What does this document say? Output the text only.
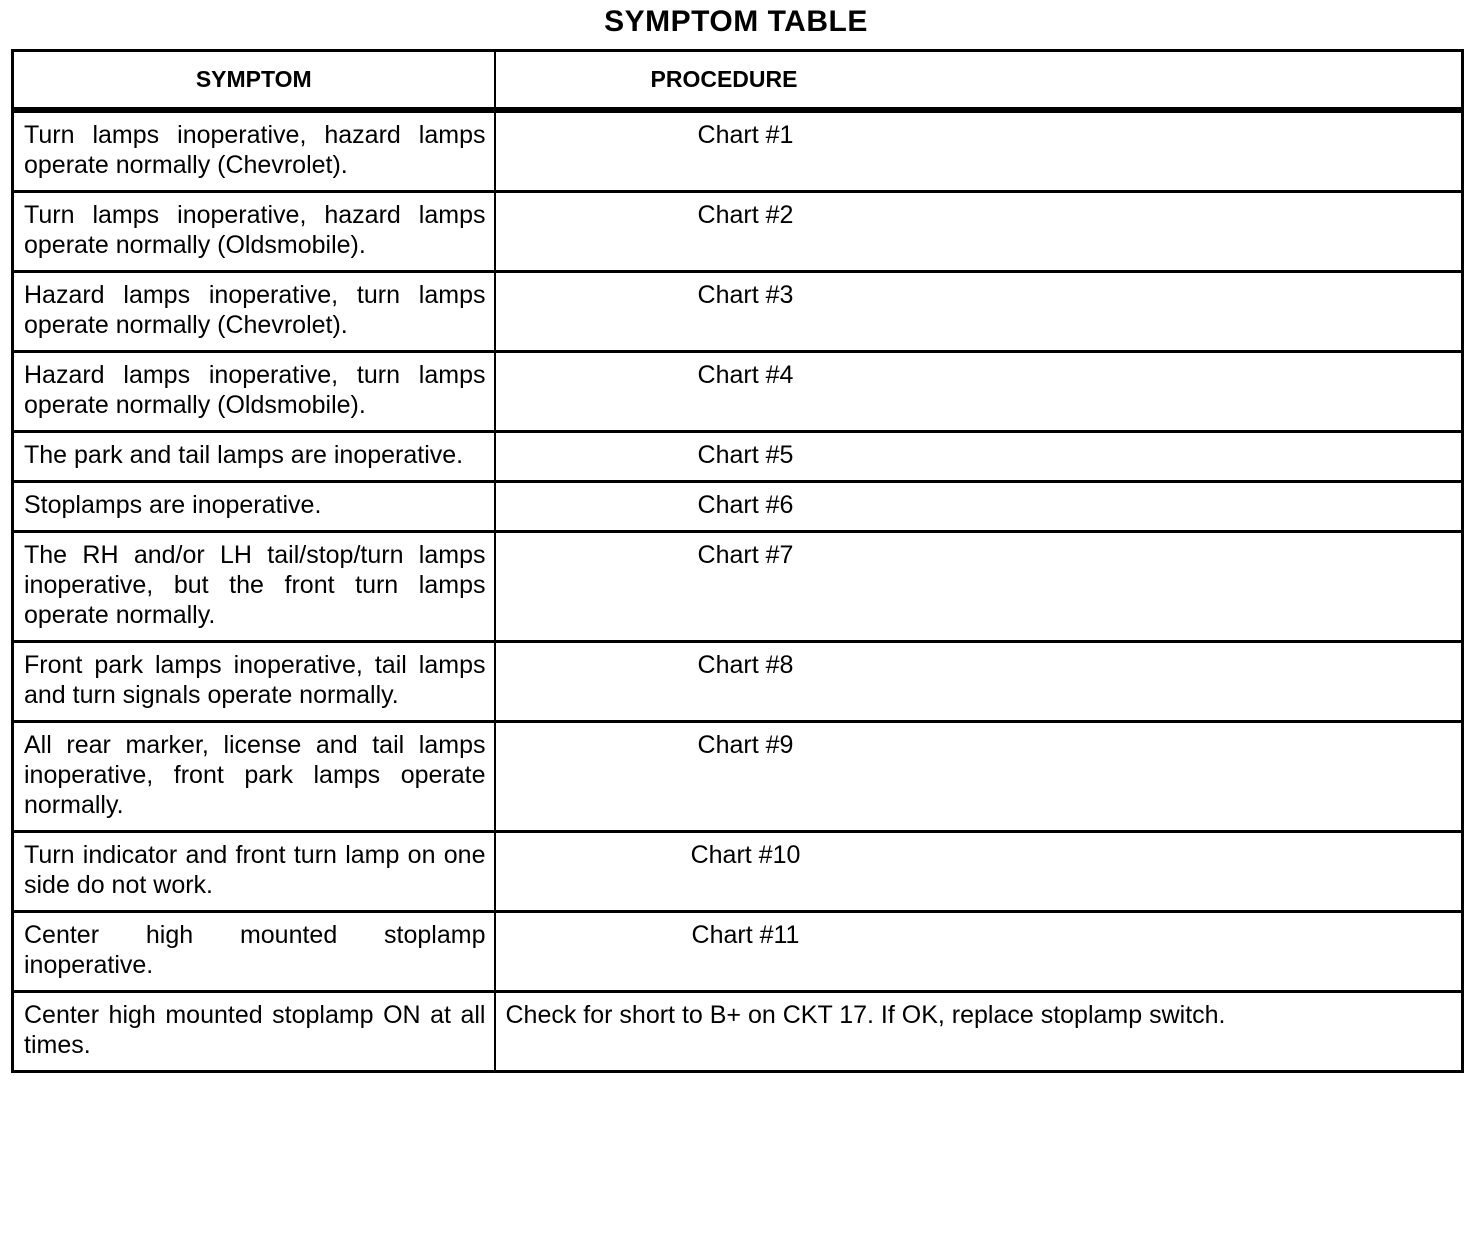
SYMPTOM TABLE
SYMPTOM	PROCEDURE
Turn lamps inoperative, hazard lamps operate normally (Chevrolet).	Chart #1

Turn lamps inoperative, hazard lamps operate normally (Oldsmobile).	Chart #2

Hazard lamps inoperative, turn lamps operate normally (Chevrolet).	Chart #3

Hazard lamps inoperative, turn lamps operate normally (Oldsmobile).	Chart #4

The park and tail lamps are inoperative.	Chart #5

Stoplamps are inoperative.	Chart #6

The RH and/or LH tail/stop/turn lamps inoperative, but the front turn lamps operate normally.	Chart #7

Front park lamps inoperative, tail lamps and turn signals operate normally.	Chart #8

All rear marker, license and tail lamps inoperative, front park lamps operate normally.	Chart #9

Turn indicator and front turn lamp on one side do not work.	Chart #10

Center high mounted stoplamp inoperative.	Chart #11

Center high mounted stoplamp ON at all times.	Check for short to B+ on CKT 17. If OK, replace stoplamp switch.
